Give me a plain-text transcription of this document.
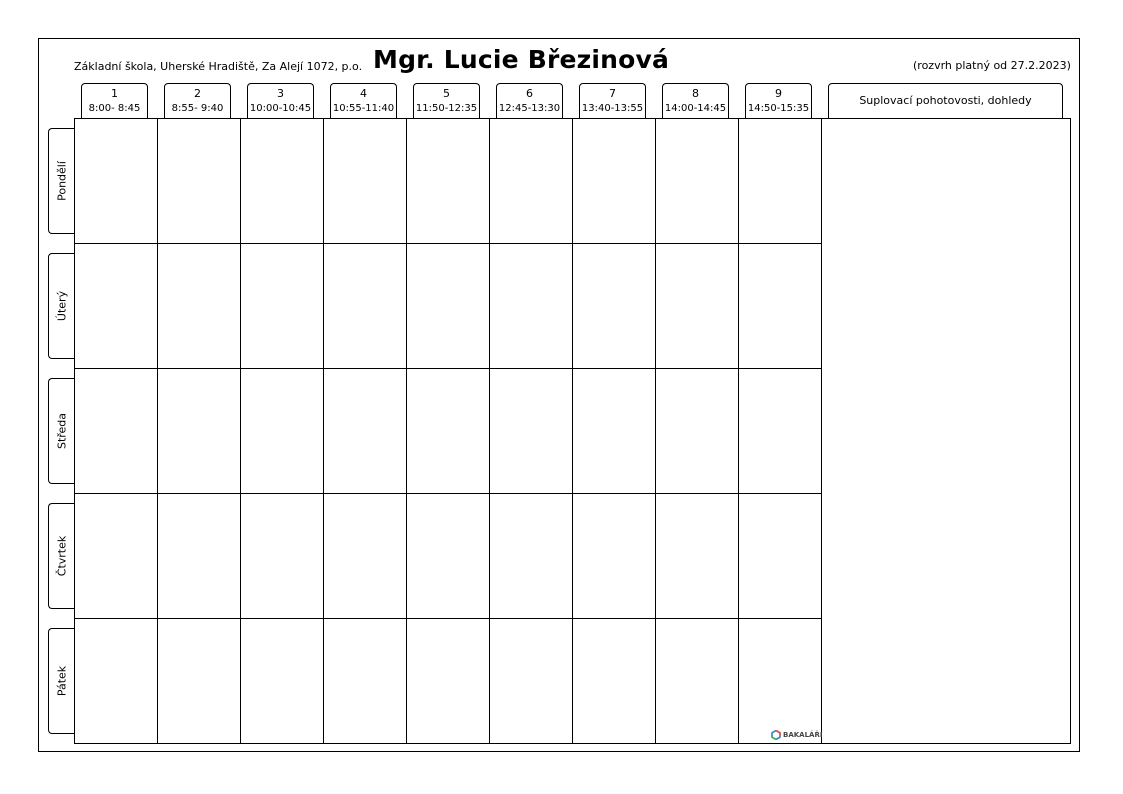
Základní škola, Uherské Hradiště, Za Alejí 1072, p.o. Mgr. Lucie Březinová	(rozvrh platný od 27.2.2023)
1
8:00- 8:45
2
8:55- 9:40
3
10:00-10:45
4
10:55-11:40
5
11:50-12:35
6
12:45-13:30
7
13:40-13:55
8
14:00-14:45
9
14:50-15:35
Suplovací pohotovosti, dohledy
Pondělí
Úterý
Středa
Čtvrtek
Pátek
BAKALÁŘI
